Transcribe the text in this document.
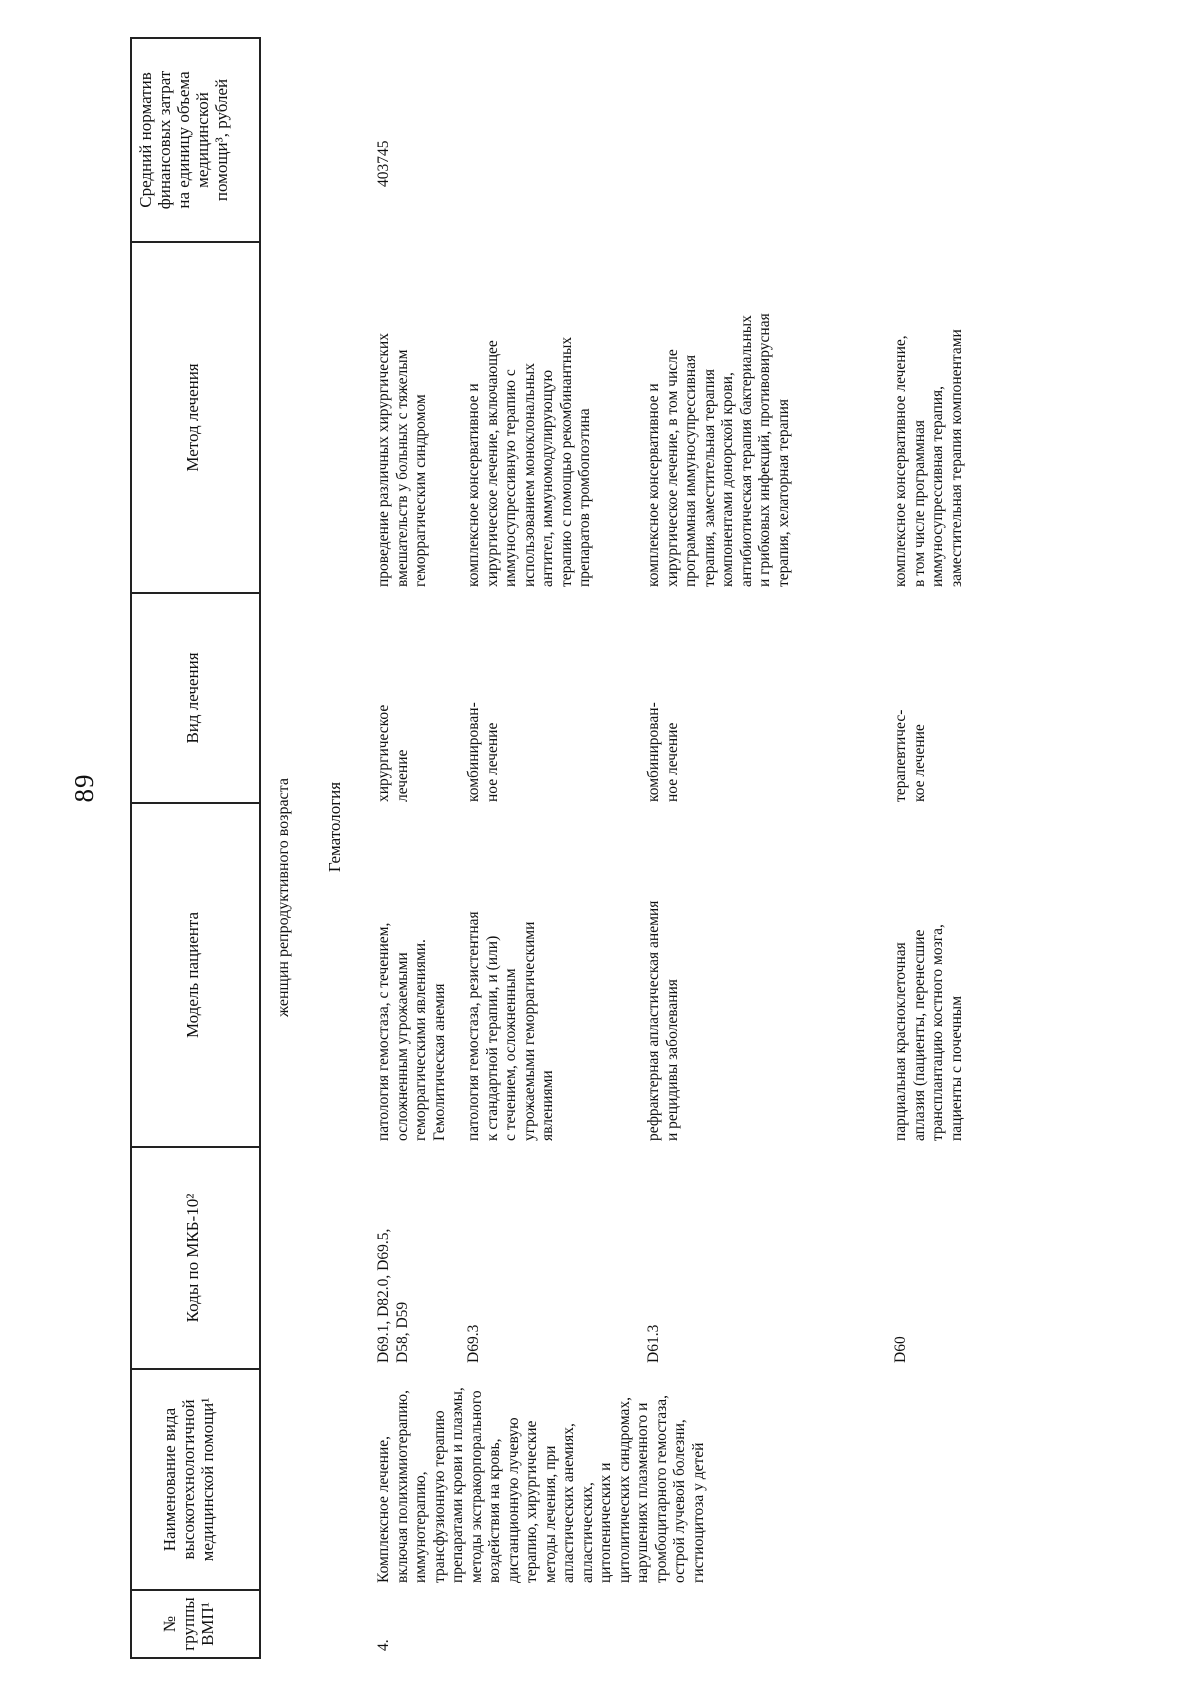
89
№
группы
ВМП¹
Наименование вида
высокотехнологичной
медицинской помощи¹
Коды по МКБ-10²
Модель пациента
Вид лечения
Метод лечения
Средний норматив
финансовых затрат
на единицу объема
медицинской
помощи³, рублей
женщин репродуктивного возраста Гематология
4.
Комплексное лечение,
включая полихимиотерапию,
иммунотерапию,
трансфузионную терапию
препаратами крови и плазмы,
методы экстракорпорального
воздействия на кровь,
дистанционную лучевую
терапию, хирургические
методы лечения, при
апластических анемиях,
апластических,
цитопенических и
цитолитических синдромах,
нарушениях плазменного и
тромбоцитарного гемостаза,
острой лучевой болезни,
гистиоцитоза у детей
403745
D69.1, D82.0, D69.5,
D58, D59
патология гемостаза, с течением,
осложненным угрожаемыми
геморрагическими явлениями.
Гемолитическая анемия
хирургическое
лечение
проведение различных хирургических
вмешательств у больных с тяжелым
геморрагическим синдромом
D69.3
патология гемостаза, резистентная
к стандартной терапии, и (или)
с течением, осложненным
угрожаемыми геморрагическими
явлениями
комбинирован-
ное лечение
комплексное консервативное и
хирургическое лечение, включающее
иммуносупрессивную терапию с
использованием моноклональных
антител, иммуномодулирующую
терапию с помощью рекомбинантных
препаратов тромбопоэтина
D61.3
рефрактерная апластическая анемия
и рецидивы заболевания
комбинирован-
ное лечение
комплексное консервативное и
хирургическое лечение, в том числе
программная иммуносупрессивная
терапия, заместительная терапия
компонентами донорской крови,
антибиотическая терапия бактериальных
и грибковых инфекций, противовирусная
терапия, хелаторная терапия
D60
парциальная красноклеточная
аплазия (пациенты, перенесшие
трансплантацию костного мозга,
пациенты с почечным
терапевтичес-
кое лечение
комплексное консервативное лечение,
в том числе программная
иммуносупрессивная терапия,
заместительная терапия компонентами
